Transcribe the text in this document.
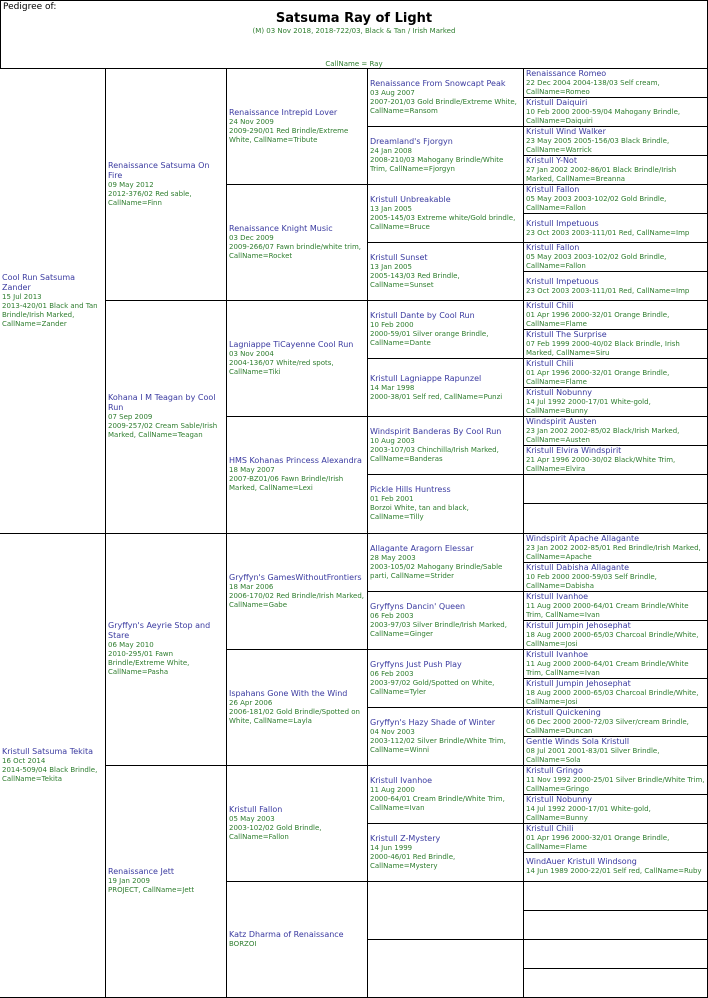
Pedigree of:
Satsuma Ray of Light
(M) 03 Nov 2018, 2018-722/03, Black & Tan / Irish Marked
CallName = Ray
Cool Run Satsuma Zander
15 Jul 2013
2013-420/01 Black and Tan Brindle/Irish Marked, CallName=Zander
Kristull Satsuma Tekita
16 Oct 2014
2014-509/04 Black Brindle, CallName=Tekita
Renaissance Satsuma On Fire
09 May 2012
2012-376/02 Red sable, CallName=Finn
Kohana I M Teagan by Cool Run
07 Sep 2009
2009-257/02 Cream Sable/Irish Marked, CallName=Teagan
Gryffyn's Aeyrie Stop and Stare
06 May 2010
2010-295/01 Fawn Brindle/Extreme White, CallName=Pasha
Renaissance Jett
19 Jan 2009
PROJECT, CallName=Jett
Renaissance Intrepid Lover
24 Nov 2009
2009-290/01 Red Brindle/Extreme White, CallName=Tribute
Renaissance Knight Music
03 Dec 2009
2009-266/07 Fawn brindle/white trim, CallName=Rocket
Lagniappe TiCayenne Cool Run
03 Nov 2004
2004-136/07 White/red spots, CallName=Tiki
HMS Kohanas Princess Alexandra
18 May 2007
2007-BZ01/06 Fawn Brindle/Irish Marked, CallName=Lexi
Gryffyn's GamesWithoutFrontiers
18 Mar 2006
2006-170/02 Red Brindle/Irish Marked, CallName=Gabe
Ispahans Gone With the Wind
26 Apr 2006
2006-181/02 Gold Brindle/Spotted on White, CallName=Layla
Kristull Fallon
05 May 2003
2003-102/02 Gold Brindle, CallName=Fallon
Katz Dharma of Renaissance
BORZOI
Renaissance From Snowcapt Peak
03 Aug 2007
2007-201/03 Gold Brindle/Extreme White, CallName=Ransom
Dreamland's Fjorgyn
24 Jan 2008
2008-210/03 Mahogany Brindle/White Trim, CallName=Fjorgyn
Kristull Unbreakable
13 Jan 2005
2005-145/03 Extreme white/Gold brindle, CallName=Bruce
Kristull Sunset
13 Jan 2005
2005-143/03 Red Brindle, CallName=Sunset
Kristull Dante by Cool Run
10 Feb 2000
2000-59/01 Silver orange Brindle, CallName=Dante
Kristull Lagniappe Rapunzel
14 Mar 1998
2000-38/01 Self red, CallName=Punzi
Windspirit Banderas By Cool Run
10 Aug 2003
2003-107/03 Chinchilla/Irish Marked, CallName=Banderas
Pickle Hills Huntress
01 Feb 2001
Borzoi White, tan and black, CallName=Tilly
Allagante Aragorn Elessar
28 May 2003
2003-105/02 Mahogany Brindle/Sable parti, CallName=Strider
Gryffyns Dancin' Queen
06 Feb 2003
2003-97/03 Silver Brindle/Irish Marked, CallName=Ginger
Gryffyns Just Push Play
06 Feb 2003
2003-97/02 Gold/Spotted on White, CallName=Tyler
Gryffyn's Hazy Shade of Winter
04 Nov 2003
2003-112/02 Silver Brindle/White Trim, CallName=Winni
Kristull Ivanhoe
11 Aug 2000
2000-64/01 Cream Brindle/White Trim, CallName=Ivan
Kristull Z-Mystery
14 Jun 1999
2000-46/01 Red Brindle, CallName=Mystery
Renaissance Romeo
22 Dec 2004 2004-138/03 Self cream, CallName=Romeo
Kristull Daiquiri
10 Feb 2000 2000-59/04 Mahogany Brindle, CallName=Daiquiri
Kristull Wind Walker
23 May 2005 2005-156/03 Black Brindle, CallName=Warrick
Kristull Y-Not
27 Jan 2002 2002-86/01 Black Brindle/Irish Marked, CallName=Breanna
Kristull Fallon
05 May 2003 2003-102/02 Gold Brindle, CallName=Fallon
Kristull Impetuous
23 Oct 2003 2003-111/01 Red, CallName=Imp
Kristull Fallon
05 May 2003 2003-102/02 Gold Brindle, CallName=Fallon
Kristull Impetuous
23 Oct 2003 2003-111/01 Red, CallName=Imp
Kristull Chili
01 Apr 1996 2000-32/01 Orange Brindle, CallName=Flame
Kristull The Surprise
07 Feb 1999 2000-40/02 Black Brindle, Irish Marked, CallName=Siru
Kristull Chili
01 Apr 1996 2000-32/01 Orange Brindle, CallName=Flame
Kristull Nobunny
14 Jul 1992 2000-17/01 White-gold, CallName=Bunny
Windspirit Austen
23 Jan 2002 2002-85/02 Black/Irish Marked, CallName=Austen
Kristull Elvira Windspirit
21 Apr 1996 2000-30/02 Black/White Trim, CallName=Elvira
Windspirit Apache Allagante
23 Jan 2002 2002-85/01 Red Brindle/Irish Marked, CallName=Apache
Kristull Dabisha Allagante
10 Feb 2000 2000-59/03 Self Brindle, CallName=Dabisha
Kristull Ivanhoe
11 Aug 2000 2000-64/01 Cream Brindle/White Trim, CallName=Ivan
Kristull Jumpin Jehosephat
18 Aug 2000 2000-65/03 Charcoal Brindle/White, CallName=Josi
Kristull Ivanhoe
11 Aug 2000 2000-64/01 Cream Brindle/White Trim, CallName=Ivan
Kristull Jumpin Jehosephat
18 Aug 2000 2000-65/03 Charcoal Brindle/White, CallName=Josi
Kristull Quickening
06 Dec 2000 2000-72/03 Silver/cream Brindle, CallName=Duncan
Gentle Winds Sola Kristull
08 Jul 2001 2001-83/01 Silver Brindle, CallName=Sola
Kristull Gringo
11 Nov 1992 2000-25/01 Silver Brindle/White Trim, CallName=Gringo
Kristull Nobunny
14 Jul 1992 2000-17/01 White-gold, CallName=Bunny
Kristull Chili
01 Apr 1996 2000-32/01 Orange Brindle, CallName=Flame
WindAuer Kristull Windsong
14 Jun 1989 2000-22/01 Self red, CallName=Ruby
